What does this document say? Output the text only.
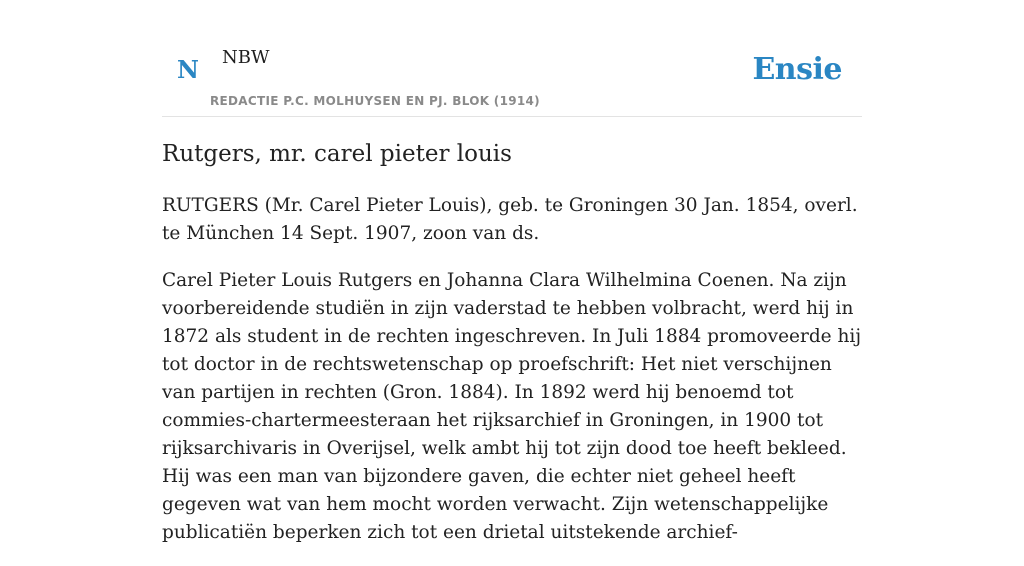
N NBW
REDACTIE P.C. MOLHUYSEN EN PJ. BLOK (1914)
Ensie
Rutgers, mr. carel pieter louis

RUTGERS (Mr. Carel Pieter Louis), geb. te Groningen 30 Jan. 1854, overl. te München 14 Sept. 1907, zoon van ds.

Carel Pieter Louis Rutgers en Johanna Clara Wilhelmina Coenen. Na zijn voorbereidende studiën in zijn vaderstad te hebben volbracht, werd hij in 1872 als student in de rechten ingeschreven. In Juli 1884 promoveerde hij tot doctor in de rechtswetenschap op proefschrift: Het niet verschijnen van partijen in rechten (Gron. 1884). In 1892 werd hij benoemd tot commies-chartermeesteraan het rijksarchief in Groningen, in 1900 tot rijksarchivaris in Overijsel, welk ambt hij tot zijn dood toe heeft bekleed. Hij was een man van bijzondere gaven, die echter niet geheel heeft gegeven wat van hem mocht worden verwacht. Zijn wetenschappelijke publicatiën beperken zich tot een drietal uitstekende archief-
